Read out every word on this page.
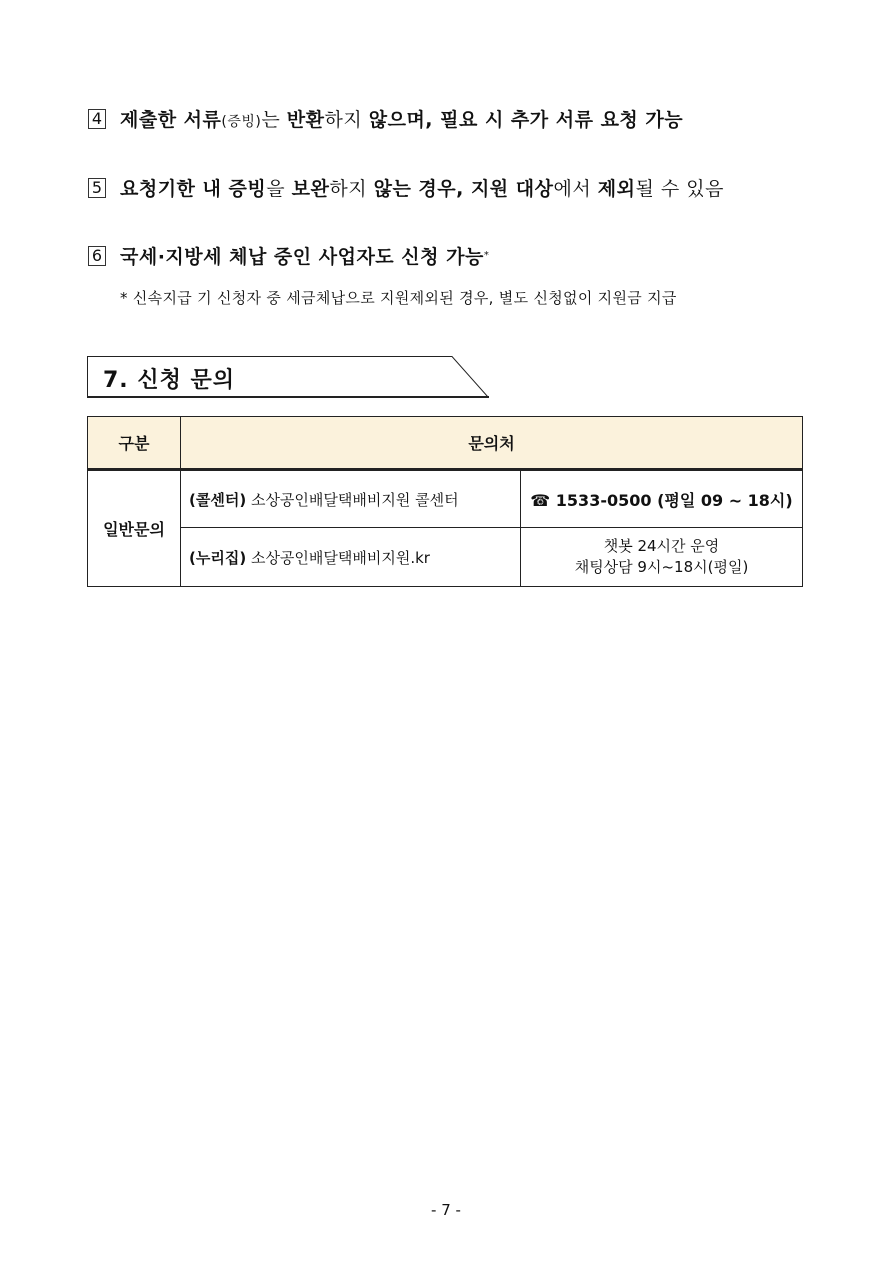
4 제출한 서류(증빙)는 반환하지 않으며, 필요 시 추가 서류 요청 가능
5 요청기한 내 증빙을 보완하지 않는 경우, 지원 대상에서 제외될 수 있음
6 국세·지방세 체납 중인 사업자도 신청 가능 *
* 신속지급 기 신청자 중 세금체납으로 지원제외된 경우, 별도 신청없이 지원금 지급
7. 신청 문의
구분	문의처	
일반문의	(콜센터) 소상공인배달택배비지원 콜센터	☎ 1533-0500 (평일 09 ~ 18시)
	(누리집) 소상공인배달택배비지원.kr	챗봇 24시간 운영
채팅상담 9시~18시(평일)
- 7 -
